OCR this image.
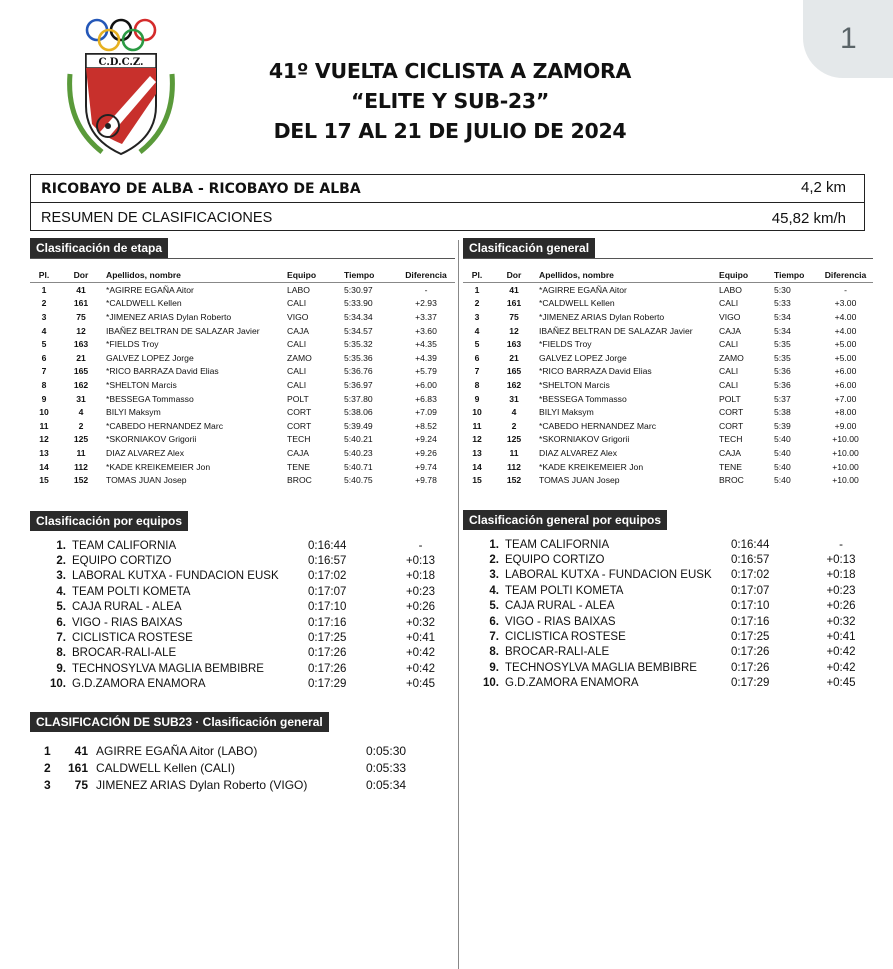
1
C.D.C.Z.	41º VUELTA CICLISTA A ZAMORA
“ELITE Y SUB-23”
DEL 17 AL 21 DE JULIO DE 2024
RICOBAYO DE ALBA - RICOBAYO DE ALBA	4,2 km
RESUMEN DE CLASIFICACIONES	45,82 km/h
Clasificación de etapa
Pl.	Dor	Apellidos, nombre	Equipo	Tiempo	Diferencia
1	41	*AGIRRE EGAÑA Aitor	LABO	5:30.97	-
2	161	*CALDWELL Kellen	CALI	5:33.90	+2.93
3	75	*JIMENEZ ARIAS Dylan Roberto	VIGO	5:34.34	+3.37
4	12	IBAÑEZ BELTRAN DE SALAZAR Javier	CAJA	5:34.57	+3.60
5	163	*FIELDS Troy	CALI	5:35.32	+4.35
6	21	GALVEZ LOPEZ Jorge	ZAMO	5:35.36	+4.39
7	165	*RICO BARRAZA David Elias	CALI	5:36.76	+5.79
8	162	*SHELTON Marcis	CALI	5:36.97	+6.00
9	31	*BESSEGA Tommasso	POLT	5:37.80	+6.83
10	4	BILYI Maksym	CORT	5:38.06	+7.09
11	2	*CABEDO HERNANDEZ Marc	CORT	5:39.49	+8.52
12	125	*SKORNIAKOV Grigorii	TECH	5:40.21	+9.24
13	11	DIAZ ALVAREZ Alex	CAJA	5:40.23	+9.26
14	112	*KADE KREIKEMEIER Jon	TENE	5:40.71	+9.74
15	152	TOMAS JUAN Josep	BROC	5:40.75	+9.78
Clasificación general
Pl.	Dor	Apellidos, nombre	Equipo	Tiempo	Diferencia
1	41	*AGIRRE EGAÑA Aitor	LABO	5:30	-
2	161	*CALDWELL Kellen	CALI	5:33	+3.00
3	75	*JIMENEZ ARIAS Dylan Roberto	VIGO	5:34	+4.00
4	12	IBAÑEZ BELTRAN DE SALAZAR Javier	CAJA	5:34	+4.00
5	163	*FIELDS Troy	CALI	5:35	+5.00
6	21	GALVEZ LOPEZ Jorge	ZAMO	5:35	+5.00
7	165	*RICO BARRAZA David Elias	CALI	5:36	+6.00
8	162	*SHELTON Marcis	CALI	5:36	+6.00
9	31	*BESSEGA Tommasso	POLT	5:37	+7.00
10	4	BILYI Maksym	CORT	5:38	+8.00
11	2	*CABEDO HERNANDEZ Marc	CORT	5:39	+9.00
12	125	*SKORNIAKOV Grigorii	TECH	5:40	+10.00
13	11	DIAZ ALVAREZ Alex	CAJA	5:40	+10.00
14	112	*KADE KREIKEMEIER Jon	TENE	5:40	+10.00
15	152	TOMAS JUAN Josep	BROC	5:40	+10.00
Clasificación por equipos
1.	TEAM CALIFORNIA	0:16:44	-
2.	EQUIPO CORTIZO	0:16:57	+0:13
3.	LABORAL KUTXA - FUNDACION EUSK	0:17:02	+0:18
4.	TEAM POLTI KOMETA	0:17:07	+0:23
5.	CAJA RURAL - ALEA	0:17:10	+0:26
6.	VIGO - RIAS BAIXAS	0:17:16	+0:32
7.	CICLISTICA ROSTESE	0:17:25	+0:41
8.	BROCAR-RALI-ALE	0:17:26	+0:42
9.	TECHNOSYLVA MAGLIA BEMBIBRE	0:17:26	+0:42
10.	G.D.ZAMORA ENAMORA	0:17:29	+0:45
Clasificación general por equipos
1.	TEAM CALIFORNIA	0:16:44	-
2.	EQUIPO CORTIZO	0:16:57	+0:13
3.	LABORAL KUTXA - FUNDACION EUSK	0:17:02	+0:18
4.	TEAM POLTI KOMETA	0:17:07	+0:23
5.	CAJA RURAL - ALEA	0:17:10	+0:26
6.	VIGO - RIAS BAIXAS	0:17:16	+0:32
7.	CICLISTICA ROSTESE	0:17:25	+0:41
8.	BROCAR-RALI-ALE	0:17:26	+0:42
9.	TECHNOSYLVA MAGLIA BEMBIBRE	0:17:26	+0:42
10.	G.D.ZAMORA ENAMORA	0:17:29	+0:45
CLASIFICACIÓN DE SUB23 · Clasificación general
1	41	AGIRRE EGAÑA Aitor (LABO)	0:05:30
2	161	CALDWELL Kellen (CALI)	0:05:33
3	75	JIMENEZ ARIAS Dylan Roberto (VIGO)	0:05:34
